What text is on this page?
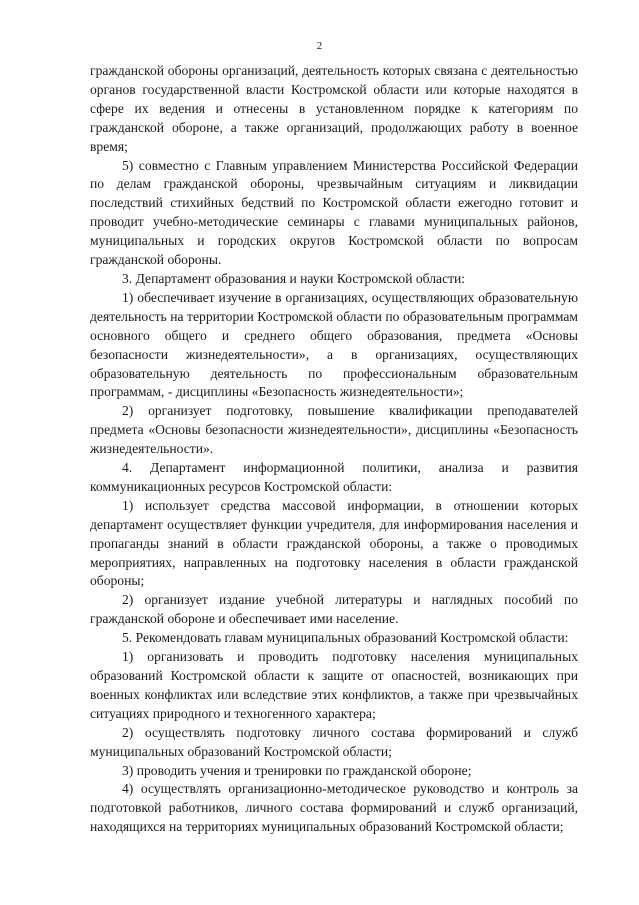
2

гражданской обороны организаций, деятельность которых связана с деятельностью органов государственной власти Костромской области или которые находятся в сфере их ведения и отнесены в установленном порядке к категориям по гражданской обороне, а также организаций, продолжающих работу в военное время;

5) совместно с Главным управлением Министерства Российской Федерации по делам гражданской обороны, чрезвычайным ситуациям и ликвидации последствий стихийных бедствий по Костромской области ежегодно готовит и проводит учебно-методические семинары с главами муниципальных районов, муниципальных и городских округов Костромской области по вопросам гражданской обороны.

3. Департамент образования и науки Костромской области:

1) обеспечивает изучение в организациях, осуществляющих образовательную деятельность на территории Костромской области по образовательным программам основного общего и среднего общего образования, предмета «Основы безопасности жизнедеятельности», а в организациях, осуществляющих образовательную деятельность по профессиональным образовательным программам, - дисциплины «Безопасность жизнедеятельности»;

2) организует подготовку, повышение квалификации преподавателей предмета «Основы безопасности жизнедеятельности», дисциплины «Безопасность жизнедеятельности».

4. Департамент информационной политики, анализа и развития коммуникационных ресурсов Костромской области:

1) использует средства массовой информации, в отношении которых департамент осуществляет функции учредителя, для информирования населения и пропаганды знаний в области гражданской обороны, а также о проводимых мероприятиях, направленных на подготовку населения в области гражданской обороны;

2) организует издание учебной литературы и наглядных пособий по гражданской обороне и обеспечивает ими население.

5. Рекомендовать главам муниципальных образований Костромской области:

1) организовать и проводить подготовку населения муниципальных образований Костромской области к защите от опасностей, возникающих при военных конфликтах или вследствие этих конфликтов, а также при чрезвычайных ситуациях природного и техногенного характера;

2) осуществлять подготовку личного состава формирований и служб муниципальных образований Костромской области;

3) проводить учения и тренировки по гражданской обороне;

4) осуществлять организационно-методическое руководство и контроль за подготовкой работников, личного состава формирований и служб организаций, находящихся на территориях муниципальных образований Костромской области;
